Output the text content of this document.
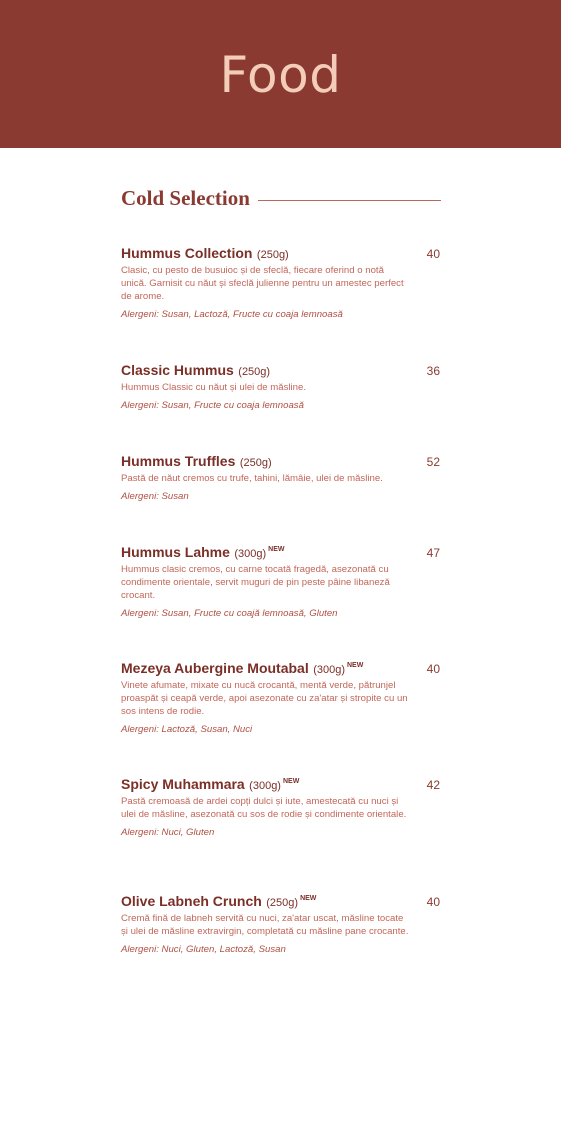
Food
Cold Selection
Hummus Collection (250g)	40
Clasic, cu pesto de busuioc și de sfeclă, fiecare oferind o notă unică. Garnisit cu năut și sfeclă julienne pentru un amestec perfect de arome.
Alergeni: Susan, Lactoză, Fructe cu coaja lemnoasă
Classic Hummus (250g)	36
Hummus Classic cu năut și ulei de măsline.
Alergeni: Susan, Fructe cu coaja lemnoasă
Hummus Truffles (250g)	52
Pastă de năut cremos cu trufe, tahini, lămâie, ulei de măsline.
Alergeni: Susan
Hummus Lahme (300g) $^{NEW}$	47
Hummus clasic cremos, cu carne tocată fragedă, asezonată cu condimente orientale, servit muguri de pin peste pâine libaneză crocant.
Alergeni: Susan, Fructe cu coajă lemnoasă, Gluten
Mezeya Aubergine Moutabal (300g) $^{NEW}$	40
Vinete afumate, mixate cu nucă crocantă, mentă verde, pătrunjel proaspăt și ceapă verde, apoi asezonate cu za'atar și stropite cu un sos intens de rodie.
Alergeni: Lactoză, Susan, Nuci
Spicy Muhammara (300g) $^{NEW}$	42
Pastă cremoasă de ardei copți dulci și iute, amestecată cu nuci și ulei de măsline, asezonată cu sos de rodie și condimente orientale.
Alergeni: Nuci, Gluten
Olive Labneh Crunch (250g) $^{NEW}$	40
Cremă fină de labneh servită cu nuci, za'atar uscat, măsline tocate și ulei de măsline extravirgin, completată cu măsline pane crocante.
Alergeni: Nuci, Gluten, Lactoză, Susan
